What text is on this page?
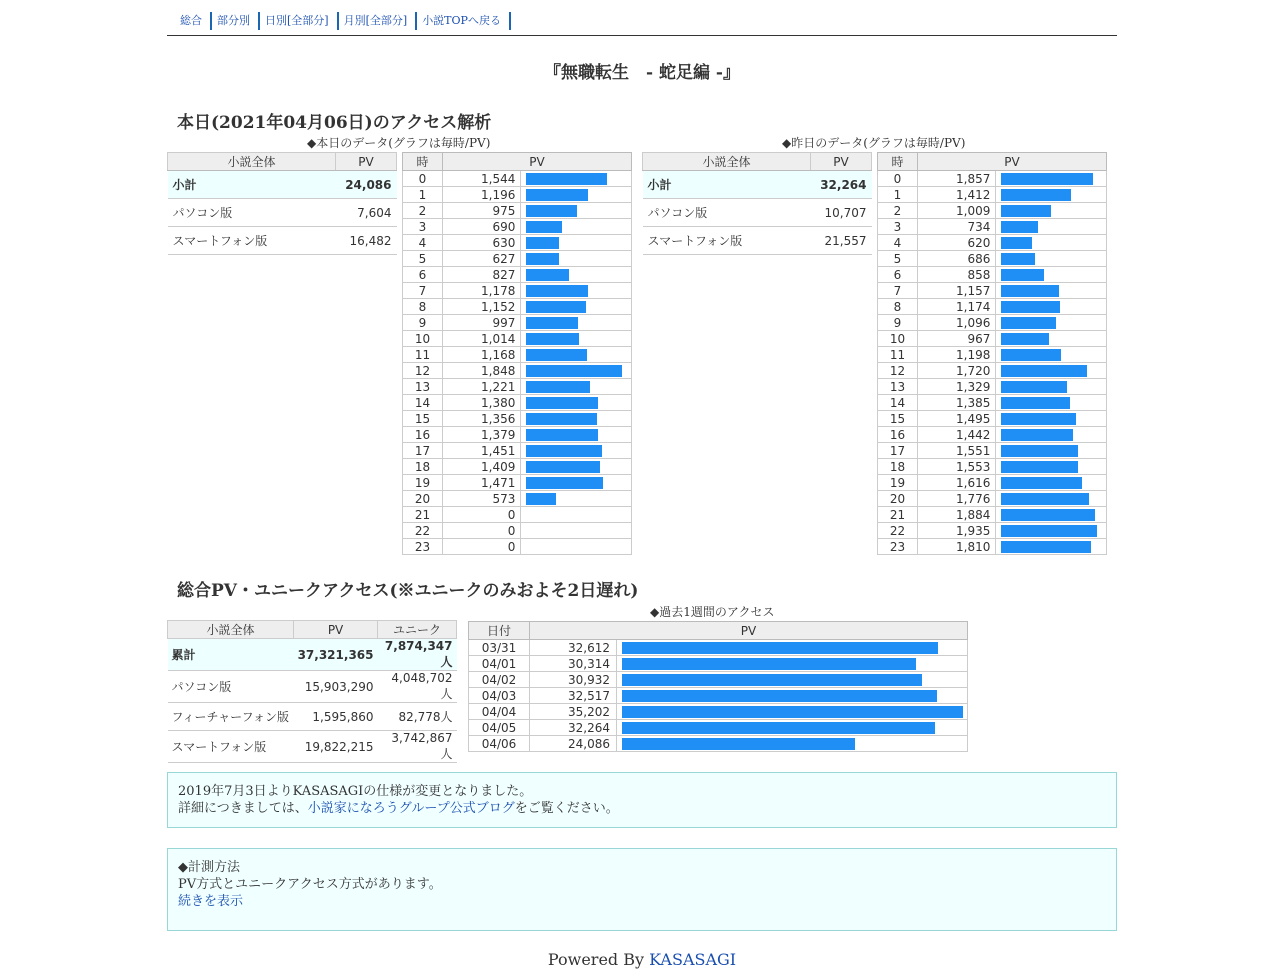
総合 部分別 日別[全部分] 月別[全部分] 小説TOPへ戻る
『無職転生　- 蛇足編 -』
本日(2021年04月06日)のアクセス解析
◆本日のデータ(グラフは毎時/PV)	◆昨日のデータ(グラフは毎時/PV)
小説全体	PV
小計	24,086
パソコン版	7,604
スマートフォン版	16,482
時	PV	
0	1,544	

1	1,196	

2	975	

3	690	

4	630	

5	627	

6	827	

7	1,178	

8	1,152	

9	997	

10	1,014	

11	1,168	

12	1,848	

13	1,221	

14	1,380	

15	1,356	

16	1,379	

17	1,451	

18	1,409	

19	1,471	

20	573	

21	0	
22	0	
23	0	
小説全体	PV
小計	32,264
パソコン版	10,707
スマートフォン版	21,557
時	PV	
0	1,857	

1	1,412	

2	1,009	

3	734	

4	620	

5	686	

6	858	

7	1,157	

8	1,174	

9	1,096	

10	967	

11	1,198	

12	1,720	

13	1,329	

14	1,385	

15	1,495	

16	1,442	

17	1,551	

18	1,553	

19	1,616	

20	1,776	

21	1,884	

22	1,935	

23	1,810	
総合PV・ユニークアクセス(※ユニークのみおよそ2日遅れ)
◆過去1週間のアクセス
小説全体	PV	ユニーク
累計	37,321,365	7,874,347人
パソコン版	15,903,290	4,048,702人
フィーチャーフォン版	1,595,860	82,778人
スマートフォン版	19,822,215	3,742,867人
日付	PV	
03/31	32,612	

04/01	30,314	

04/02	30,932	

04/03	32,517	

04/04	35,202	

04/05	32,264	

04/06	24,086	
2019年7月3日よりKASASAGIの仕様が変更となりました。
詳細につきましては、小説家になろうグループ公式ブログをご覧ください。
◆計測方法
PV方式とユニークアクセス方式があります。
続きを表示
Powered By KASASAGI
